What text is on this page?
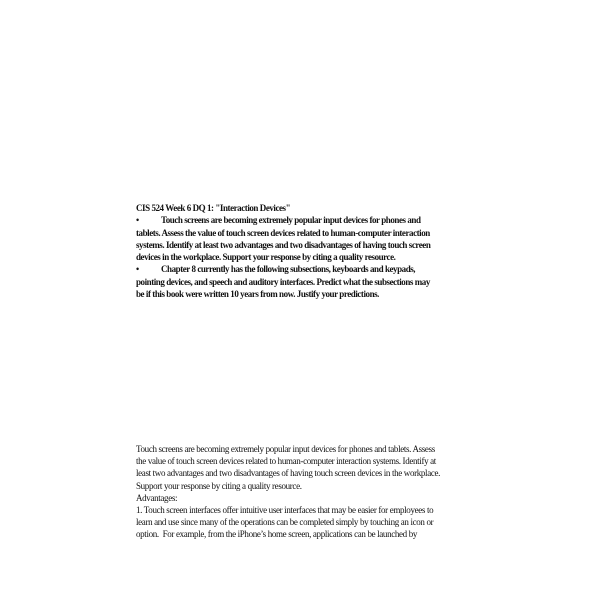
CIS 524 Week 6 DQ 1: "Interaction Devices"
• Touch screens are becoming extremely popular input devices for phones and
tablets. Assess the value of touch screen devices related to human-computer interaction
systems. Identify at least two advantages and two disadvantages of having touch screen
devices in the workplace. Support your response by citing a quality resource.
• Chapter 8 currently has the following subsections, keyboards and keypads,
pointing devices, and speech and auditory interfaces. Predict what the subsections may
be if this book were written 10 years from now. Justify your predictions.
Touch screens are becoming extremely popular input devices for phones and tablets. Assess
the value of touch screen devices related to human-computer interaction systems. Identify at
least two advantages and two disadvantages of having touch screen devices in the workplace.
Support your response by citing a quality resource.
Advantages:
1. Touch screen interfaces offer intuitive user interfaces that may be easier for employees to
learn and use since many of the operations can be completed simply by touching an icon or
option.  For example, from the iPhone’s home screen, applications can be launched by
